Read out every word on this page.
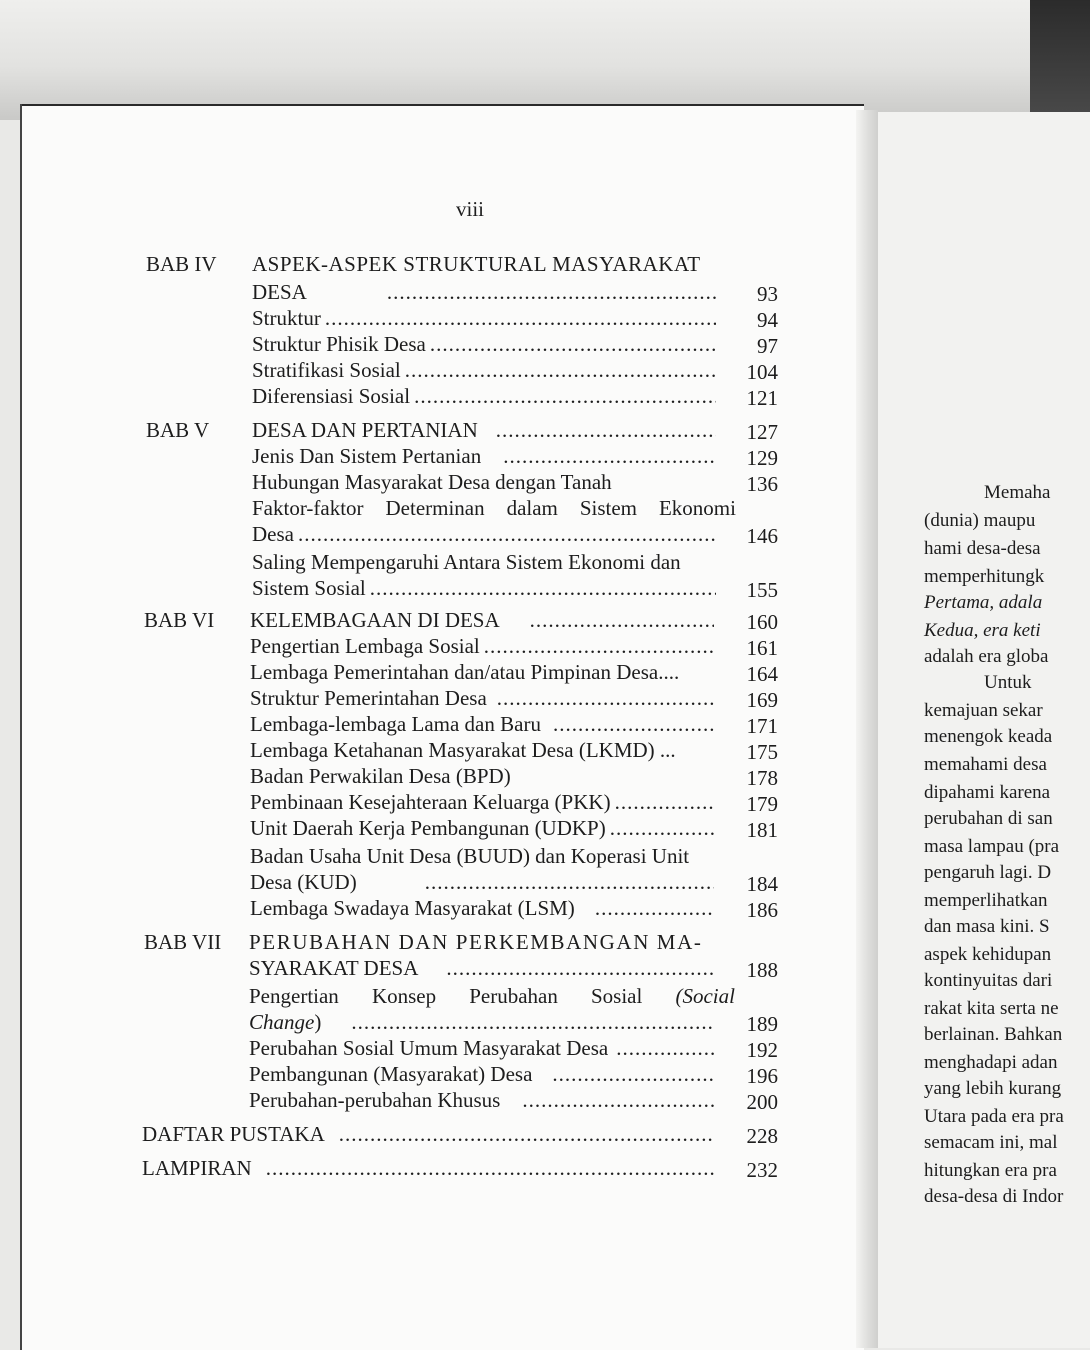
viii
BAB IV ASPEK-ASPEK STRUKTURAL MASYARAKAT
DESA .....	93
Struktur .....	94
Struktur Phisik Desa .....	97
Stratifikasi Sosial .....	104
Diferensiasi Sosial .....	121
BAB V DESA DAN PERTANIAN .....	127
Jenis Dan Sistem Pertanian .....	129
Hubungan Masyarakat Desa dengan Tanah	136
Faktor-faktor Determinan dalam Sistem Ekonomi
Desa .....	146
Saling Mempengaruhi Antara Sistem Ekonomi dan
Sistem Sosial .....	155
BAB VI KELEMBAGAAN DI DESA .....	160
Pengertian Lembaga Sosial .....	161
Lembaga Pemerintahan dan/atau Pimpinan Desa....	164
Struktur Pemerintahan Desa .....	169
Lembaga-lembaga Lama dan Baru .....	171
Lembaga Ketahanan Masyarakat Desa (LKMD) ...	175
Badan Perwakilan Desa (BPD)	178
Pembinaan Kesejahteraan Keluarga (PKK) .....	179
Unit Daerah Kerja Pembangunan (UDKP) .....	181
Badan Usaha Unit Desa (BUUD) dan Koperasi Unit
Desa (KUD) .....	184
Lembaga Swadaya Masyarakat (LSM) .....	186
BAB VII PERUBAHAN DAN PERKEMBANGAN MA-
SYARAKAT DESA .....	188
Pengertian Konsep Perubahan Sosial (Social
Change ) .....	189
Perubahan Sosial Umum Masyarakat Desa .....	192
Pembangunan (Masyarakat) Desa .....	196
Perubahan-perubahan Khusus .....	200
DAFTAR PUSTAKA .....	228
LAMPIRAN .....	232
Memaha
(dunia) maupu
hami desa-desa
memperhitungk
Pertama, adala
Kedua, era keti
adalah era globa
Untuk
kemajuan sekar
menengok keada
memahami desa
dipahami karena
perubahan di san
masa lampau (pra
pengaruh lagi. D
memperlihatkan
dan masa kini. S
aspek kehidupan
kontinyuitas dari
rakat kita serta ne
berlainan. Bahkan
menghadapi adan
yang lebih kurang
Utara pada era pra
semacam ini, mal
hitungkan era pra
desa-desa di Indor
